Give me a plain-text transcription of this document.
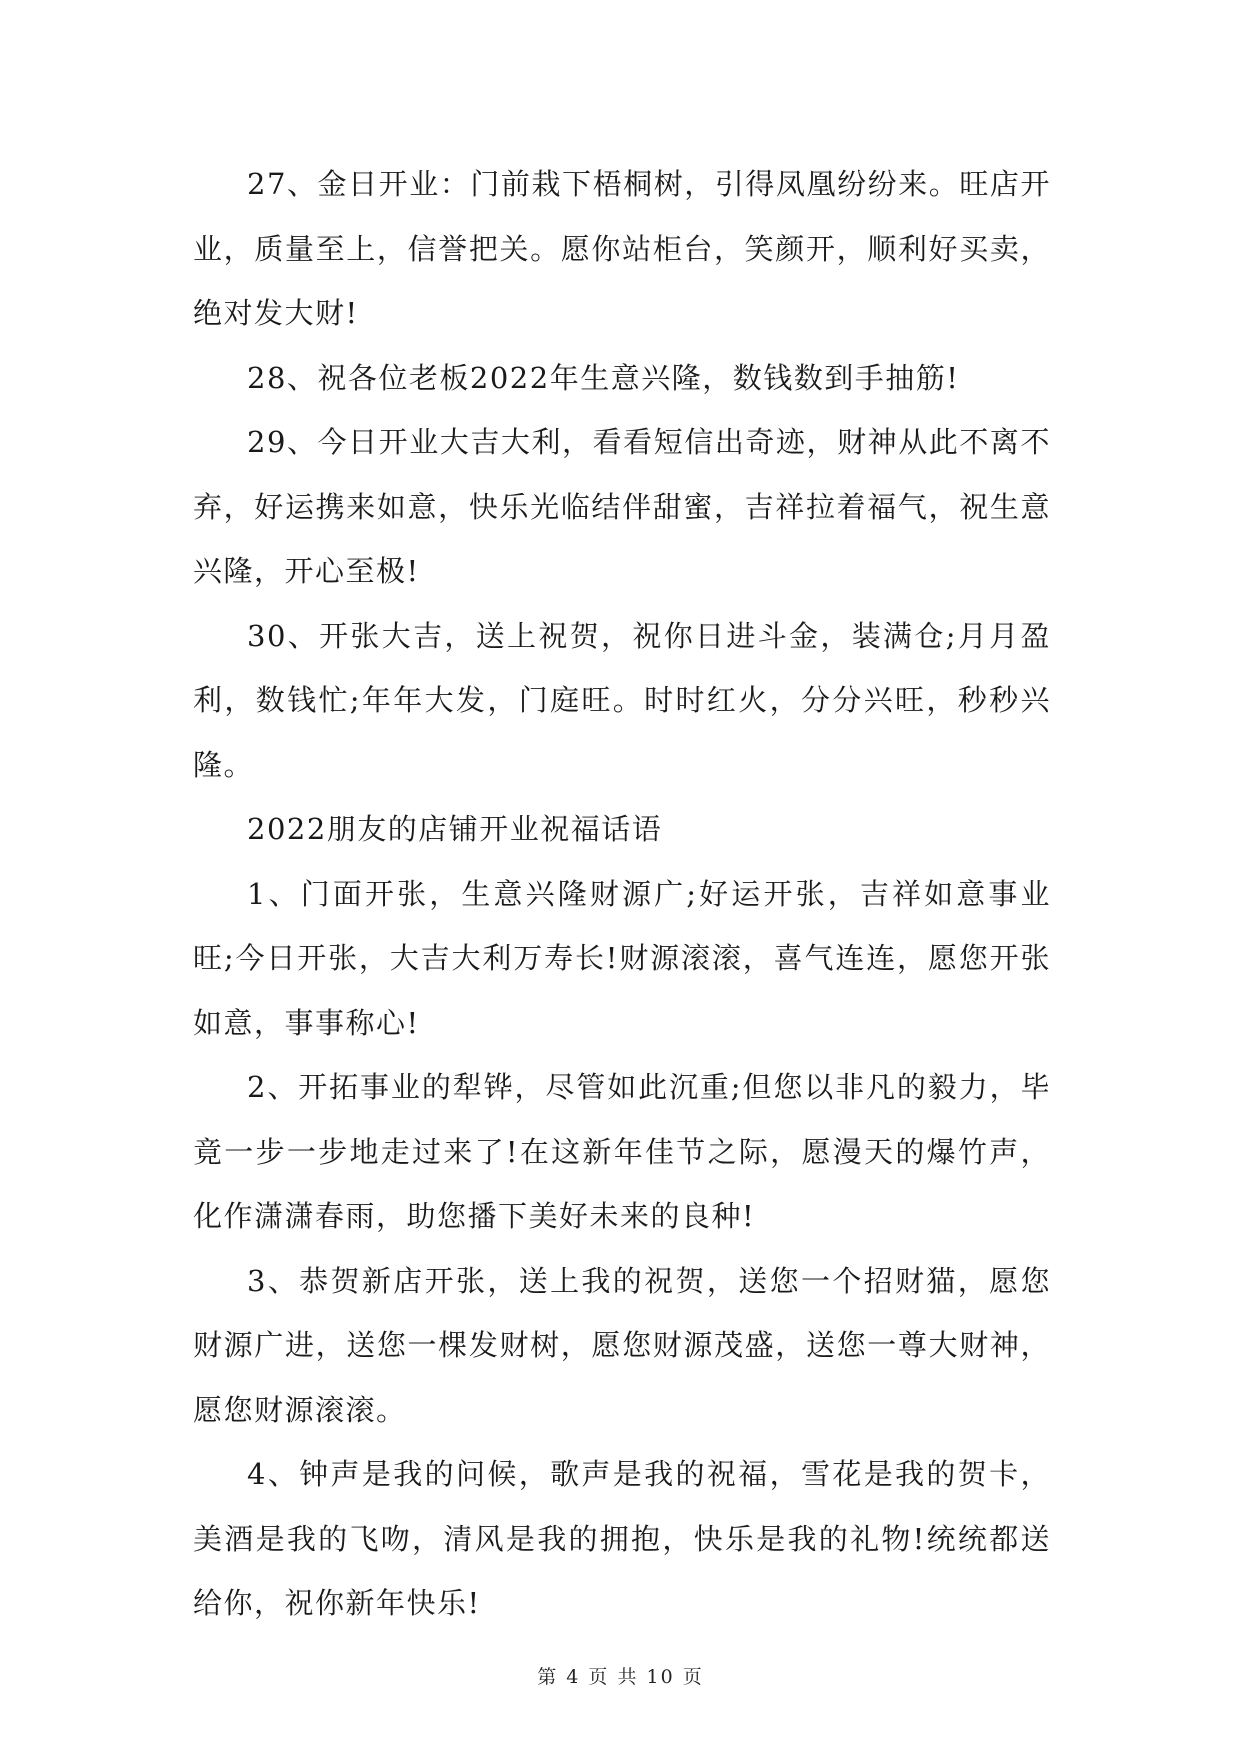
27、金日开业：门前栽下梧桐树，引得凤凰纷纷来。旺店开业，质量至上，信誉把关。愿你站柜台，笑颜开，顺利好买卖，绝对发大财!

28、祝各位老板2022年生意兴隆，数钱数到手抽筋!

29、今日开业大吉大利，看看短信出奇迹，财神从此不离不弃，好运携来如意，快乐光临结伴甜蜜，吉祥拉着福气，祝生意兴隆，开心至极!

30、开张大吉，送上祝贺，祝你日进斗金，装满仓;月月盈利，数钱忙;年年大发，门庭旺。时时红火，分分兴旺，秒秒兴隆。

2022朋友的店铺开业祝福话语

1、门面开张，生意兴隆财源广;好运开张，吉祥如意事业旺;今日开张，大吉大利万寿长!财源滚滚，喜气连连，愿您开张如意，事事称心!

2、开拓事业的犁铧，尽管如此沉重;但您以非凡的毅力，毕竟一步一步地走过来了!在这新年佳节之际，愿漫天的爆竹声，化作潇潇春雨，助您播下美好未来的良种!

3、恭贺新店开张，送上我的祝贺，送您一个招财猫，愿您财源广进，送您一棵发财树，愿您财源茂盛，送您一尊大财神，愿您财源滚滚。

4、钟声是我的问候，歌声是我的祝福，雪花是我的贺卡，美酒是我的飞吻，清风是我的拥抱，快乐是我的礼物!统统都送给你，祝你新年快乐!

第 4 页 共 10 页
